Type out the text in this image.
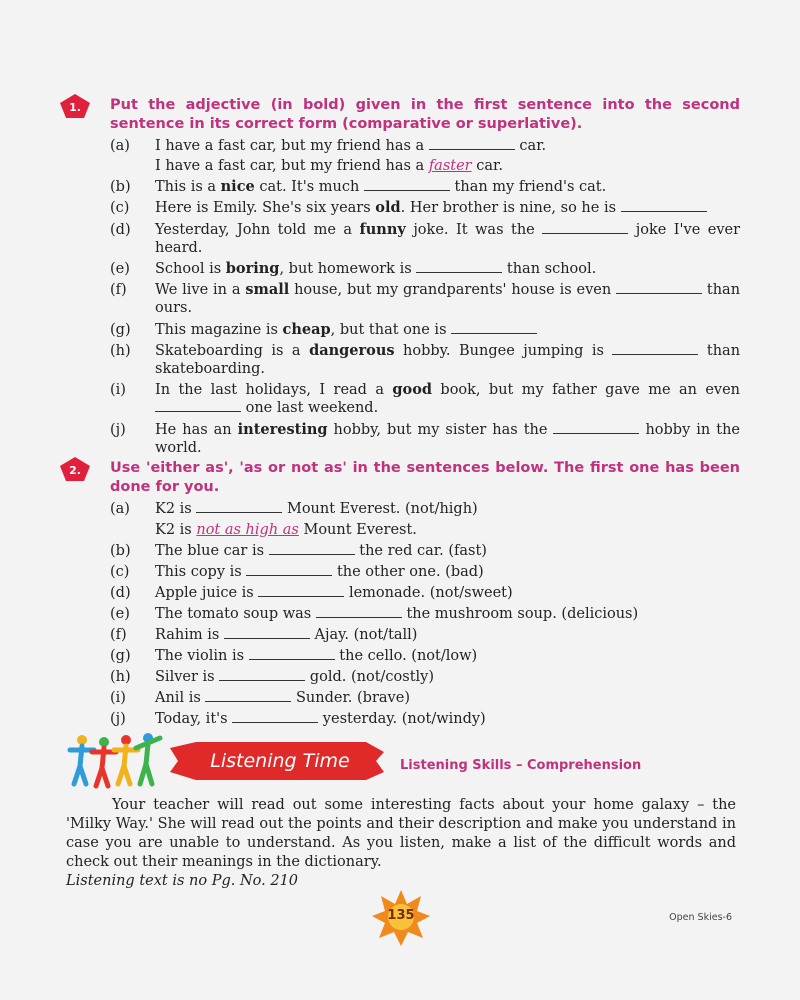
1. Put the adjective (in bold) given in the first sentence into the second sentence in its correct form (comparative or superlative).
(a)	I have a fast car, but my friend has a	car.
I have a fast car, but my friend has a faster car.
(b)	This is a nice cat. It's much	than my friend's cat.
(c)	Here is Emily. She's six years old. Her brother is nine, so he is
(d)	Yesterday, John told me a funny joke. It was the	joke I've ever heard.
(e)	School is boring, but homework is	than school.
(f)	We live in a small house, but my grandparents' house is even	than ours.
(g)	This magazine is cheap, but that one is
(h)	Skateboarding is a dangerous hobby. Bungee jumping is	than skateboarding.
(i)	In the last holidays, I read a good book, but my father gave me an even  one last weekend.
(j)	He has an interesting hobby, but my sister has the	hobby in the world.
2. Use 'either as', 'as or not as' in the sentences below. The first one has been done for you.
(a)	K2 is	Mount Everest. (not/high)
K2 is not as high as Mount Everest.
(b)	The blue car is	the red car. (fast)
(c)	This copy is	the other one. (bad)
(d)	Apple juice is	lemonade. (not/sweet)
(e)	The tomato soup was	the mushroom soup. (delicious)
(f)	Rahim is	Ajay. (not/tall)
(g)	The violin is	the cello. (not/low)
(h)	Silver is	gold. (not/costly)
(i)	Anil is	Sunder. (brave)
(j)	Today, it's	yesterday. (not/windy)
Listening Time	Listening Skills – Comprehension
Your teacher will read out some interesting facts about your home galaxy – the 'Milky Way.' She will read out the points and their description and make you understand in case you are unable to understand. As you listen, make a list of the difficult words and check out their meanings in the dictionary.
Listening text is no Pg. No. 210
135	Open Skies-6
